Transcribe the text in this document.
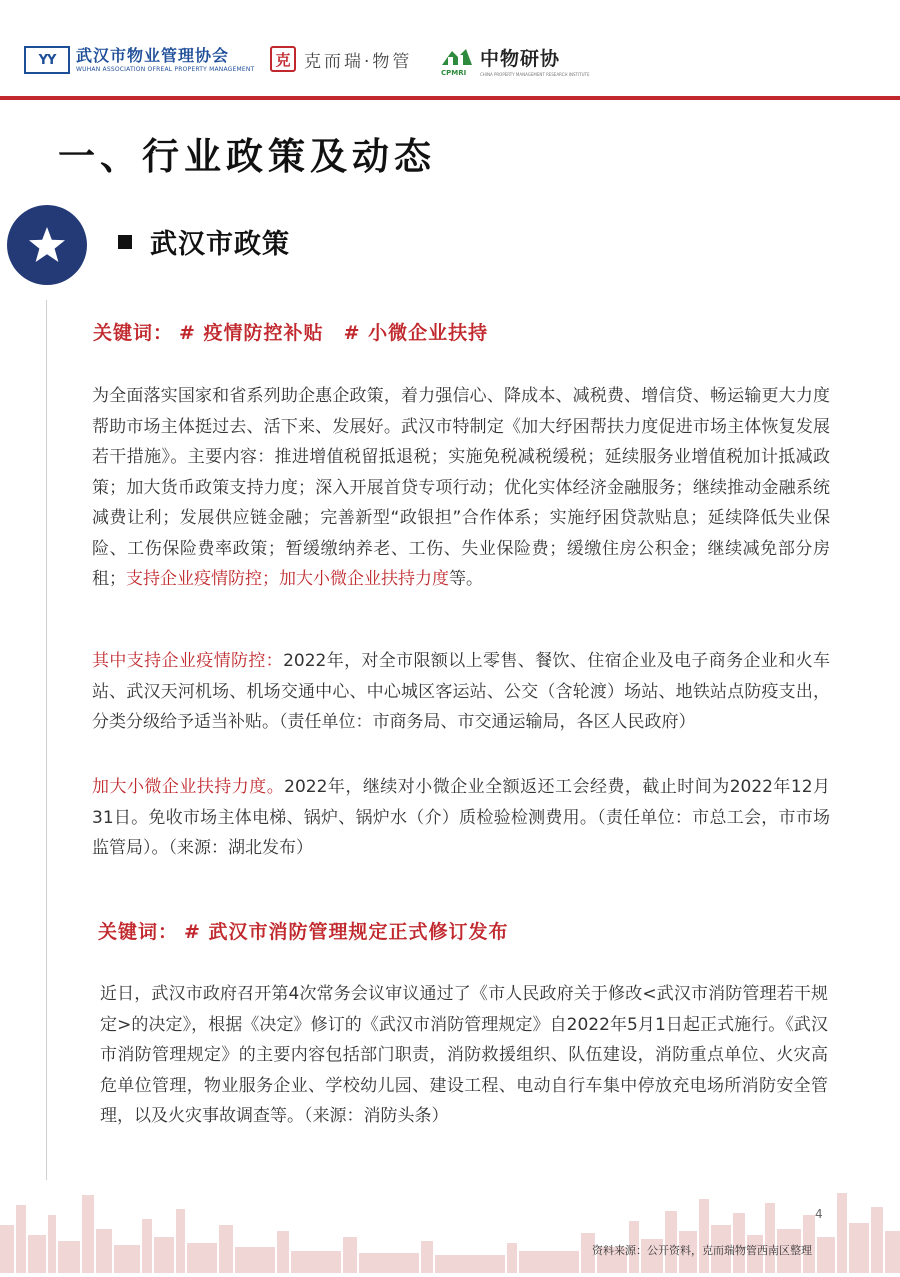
YY	武汉市物业管理协会
WUHAN ASSOCIATION OFREAL PROPERTY MANAGEMENT
克 克而瑞·物管
CPMRI
中物研协
CHINA PROPERTY MANAGEMENT RESEARCH INSTITUTE
一、行业政策及动态
武汉市政策
关键词： # 疫情防控补贴 # 小微企业扶持
为全面落实国家和省系列助企惠企政策，着力强信心、降成本、减税费、增信贷、畅运输更大力度帮助市场主体挺过去、活下来、发展好。武汉市特制定《加大纾困帮扶力度促进市场主体恢复发展若干措施》。主要内容：推进增值税留抵退税；实施免税减税缓税；延续服务业增值税加计抵减政策；加大货币政策支持力度；深入开展首贷专项行动；优化实体经济金融服务；继续推动金融系统减费让利；发展供应链金融；完善新型“政银担”合作体系；实施纾困贷款贴息；延续降低失业保险、工伤保险费率政策；暂缓缴纳养老、工伤、失业保险费；缓缴住房公积金；继续减免部分房租；支持企业疫情防控；加大小微企业扶持力度等。
其中支持企业疫情防控：2022年，对全市限额以上零售、餐饮、住宿企业及电子商务企业和火车站、武汉天河机场、机场交通中心、中心城区客运站、公交（含轮渡）场站、地铁站点防疫支出，分类分级给予适当补贴。（责任单位：市商务局、市交通运输局，各区人民政府）
加大小微企业扶持力度。2022年，继续对小微企业全额返还工会经费，截止时间为2022年12月31日。免收市场主体电梯、锅炉、锅炉水（介）质检验检测费用。（责任单位：市总工会，市市场监管局）。（来源：湖北发布）
关键词： # 武汉市消防管理规定正式修订发布
近日，武汉市政府召开第4次常务会议审议通过了《市人民政府关于修改<武汉市消防管理若干规定>的决定》，根据《决定》修订的《武汉市消防管理规定》自2022年5月1日起正式施行。《武汉市消防管理规定》的主要内容包括部门职责，消防救援组织、队伍建设，消防重点单位、火灾高危单位管理，物业服务企业、学校幼儿园、建设工程、电动自行车集中停放充电场所消防安全管理，以及火灾事故调查等。（来源：消防头条）
4
资料来源：公开资料，克而瑞物管西南区整理
